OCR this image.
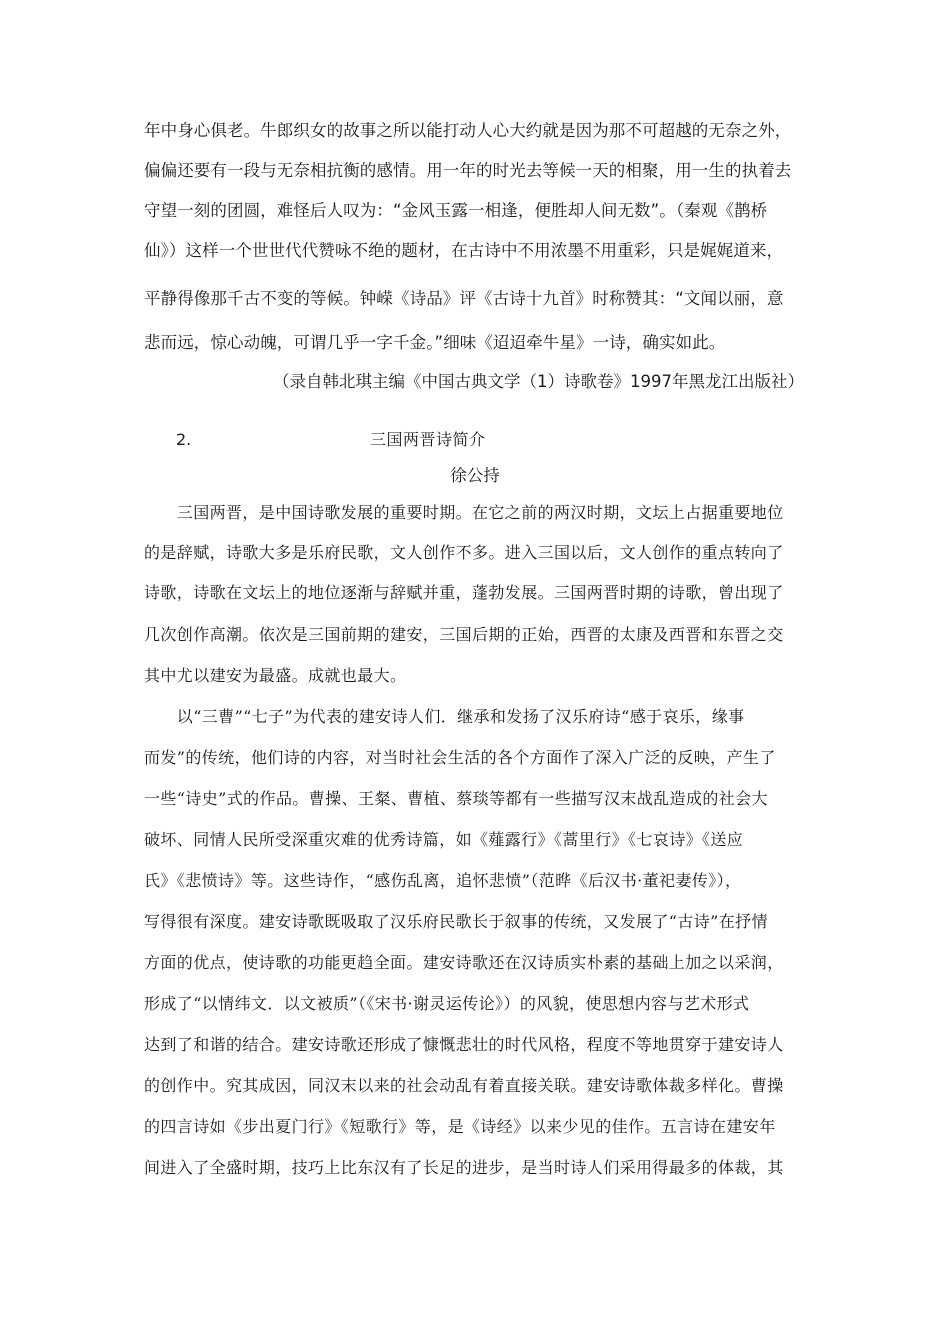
年中身心俱老。牛郎织女的故事之所以能打动人心大约就是因为那不可超越的无奈之外，
偏偏还要有一段与无奈相抗衡的感情。用一年的时光去等候一天的相聚，用一生的执着去
守望一刻的团圆，难怪后人叹为：“金风玉露一相逢，便胜却人间无数”。（秦观《鹊桥
仙》）这样一个世世代代赞咏不绝的题材，在古诗中不用浓墨不用重彩，只是娓娓道来，
平静得像那千古不变的等候。钟嵘《诗品》评《古诗十九首》时称赞其：“文闻以丽，意
悲而远，惊心动魄，可谓几乎一字千金。”细味《迢迢牵牛星》一诗，确实如此。
（录自韩北琪主编《中国古典文学（1）诗歌卷》1997年黑龙江出版社）
2.	三国两晋诗简介
徐公持
　　三国两晋，是中国诗歌发展的重要时期。在它之前的两汉时期，文坛上占据重要地位
的是辞赋，诗歌大多是乐府民歌，文人创作不多。进入三国以后，文人创作的重点转向了
诗歌，诗歌在文坛上的地位逐渐与辞赋并重，蓬勃发展。三国两晋时期的诗歌，曾出现了
几次创作高潮。依次是三国前期的建安，三国后期的正始，西晋的太康及西晋和东晋之交
其中尤以建安为最盛。成就也最大。
　　以“三曹”“七子”为代表的建安诗人们．继承和发扬了汉乐府诗“感于哀乐，缘事
而发”的传统，他们诗的内容，对当时社会生活的各个方面作了深入广泛的反映，产生了
一些“诗史”式的作品。曹操、王粲、曹植、蔡琰等都有一些描写汉末战乱造成的社会大
破坏、同情人民所受深重灾难的优秀诗篇，如《薤露行》《蒿里行》《七哀诗》《送应
氏》《悲愤诗》等。这些诗作，“感伤乱离，追怀悲愤”（范晔《后汉书·董祀妻传》），
写得很有深度。建安诗歌既吸取了汉乐府民歌长于叙事的传统，又发展了“古诗”在抒情
方面的优点，使诗歌的功能更趋全面。建安诗歌还在汉诗质实朴素的基础上加之以采润，
形成了“以情纬文．以文被质”（《宋书·谢灵运传论》）的风貌，使思想内容与艺术形式
达到了和谐的结合。建安诗歌还形成了慷慨悲壮的时代风格，程度不等地贯穿于建安诗人
的创作中。究其成因，同汉末以来的社会动乱有着直接关联。建安诗歌体裁多样化。曹操
的四言诗如《步出夏门行》《短歌行》等，是《诗经》以来少见的佳作。五言诗在建安年
间进入了全盛时期，技巧上比东汉有了长足的进步，是当时诗人们采用得最多的体裁，其
